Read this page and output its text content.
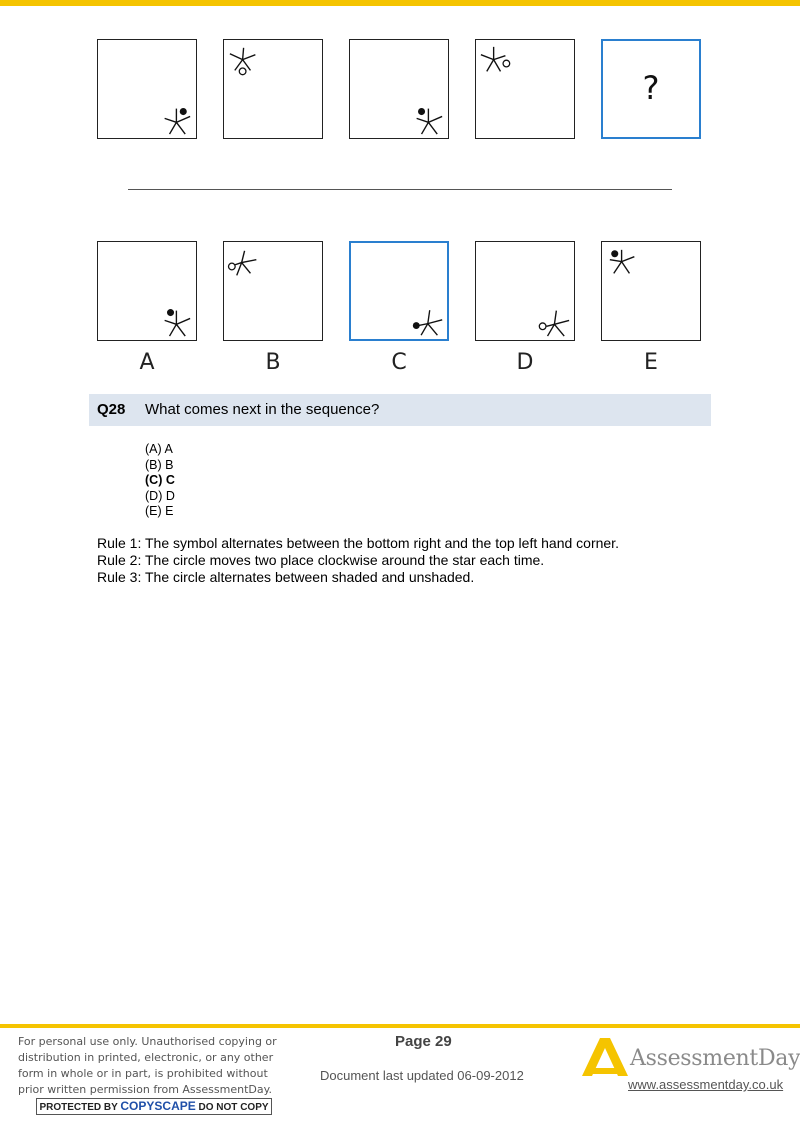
?
A	B	C	D	E
Q28 What comes next in the sequence?
(A) A
(B) B
(C) C
(D) D
(E) E
Rule 1: The symbol alternates between the bottom right and the top left hand corner.
Rule 2: The circle moves two place clockwise around the star each time.
Rule 3: The circle alternates between shaded and unshaded.
For personal use only. Unauthorised copying or distribution in printed, electronic, or any other form in whole or in part, is prohibited without prior written permission from AssessmentDay.
PROTECTED BY COPYSCAPE DO NOT COPY
Page 29
Document last updated 06-09-2012
AssessmentDay
www.assessmentday.co.uk
